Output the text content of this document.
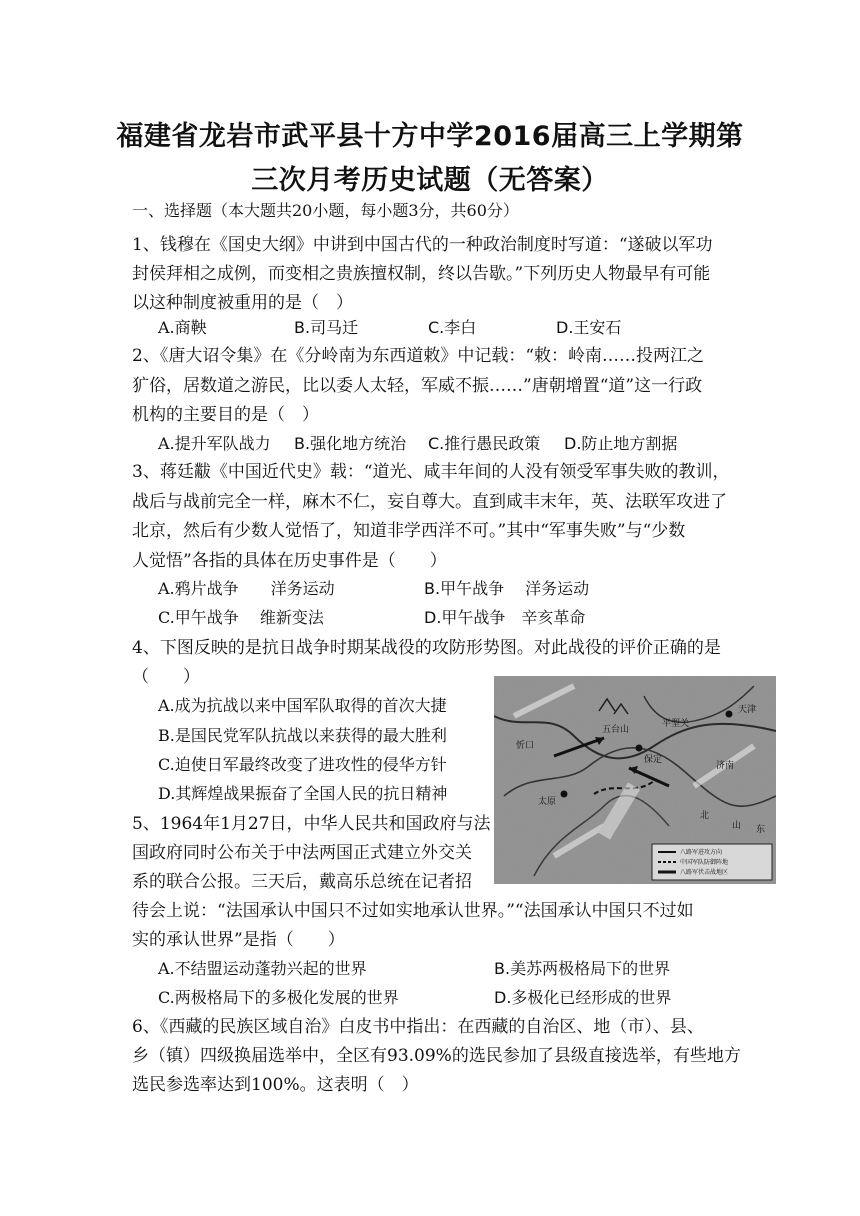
福建省龙岩市武平县十方中学2016届高三上学期第
三次月考历史试题（无答案）
一、选择题（本大题共20小题，每小题3分，共60分）
1、钱穆在《国史大纲》中讲到中国古代的一种政治制度时写道：“遂破以军功
封侯拜相之成例，而变相之贵族擅权制，终以告歇。”下列历史人物最早有可能
以这种制度被重用的是（　）
A.商鞅	B.司马迁	C.李白	D.王安石
2、《唐大诏令集》在《分岭南为东西道敕》中记载：“敕：岭南……投两江之
犷俗，居数道之游民，比以委人太轻，军威不振……”唐朝增置“道”这一行政
机构的主要目的是（　）
A.提升军队战力 B.强化地方统治 C.推行愚民政策 D.防止地方割据
3、蒋廷黻《中国近代史》载：“道光、咸丰年间的人没有领受军事失败的教训，
战后与战前完全一样，麻木不仁，妄自尊大。直到咸丰末年，英、法联军攻进了
北京，然后有少数人觉悟了，知道非学西洋不可。”其中“军事失败”与“少数
人觉悟”各指的具体在历史事件是（　　）
A.鸦片战争　　洋务运动	B.甲午战争　 洋务运动
C.甲午战争　 维新变法	D.甲午战争　辛亥革命
4、下图反映的是抗日战争时期某战役的攻防形势图。对此战役的评价正确的是
（　　）
A.成为抗战以来中国军队取得的首次大捷
B.是国民党军队抗战以来获得的最大胜利
C.迫使日军最终改变了进攻性的侵华方针
D.其辉煌战果振奋了全国人民的抗日精神
五台山
平型关
天津
济南
北
山 东
忻口
太原
保定
八路军进攻方向
中国军队防御阵地
八路军伏击战地区
5、1964年1月27日，中华人民共和国政府与法
国政府同时公布关于中法两国正式建立外交关
系的联合公报。三天后，戴高乐总统在记者招
待会上说：“法国承认中国只不过如实地承认世界。”“法国承认中国只不过如
实的承认世界”是指（　　）
A.不结盟运动蓬勃兴起的世界	B.美苏两极格局下的世界
C.两极格局下的多极化发展的世界	D.多极化已经形成的世界
6、《西藏的民族区域自治》白皮书中指出：在西藏的自治区、地（市）、县、
乡（镇）四级换届选举中，全区有93.09%的选民参加了县级直接选举，有些地方
选民参选率达到100%。这表明（　）
